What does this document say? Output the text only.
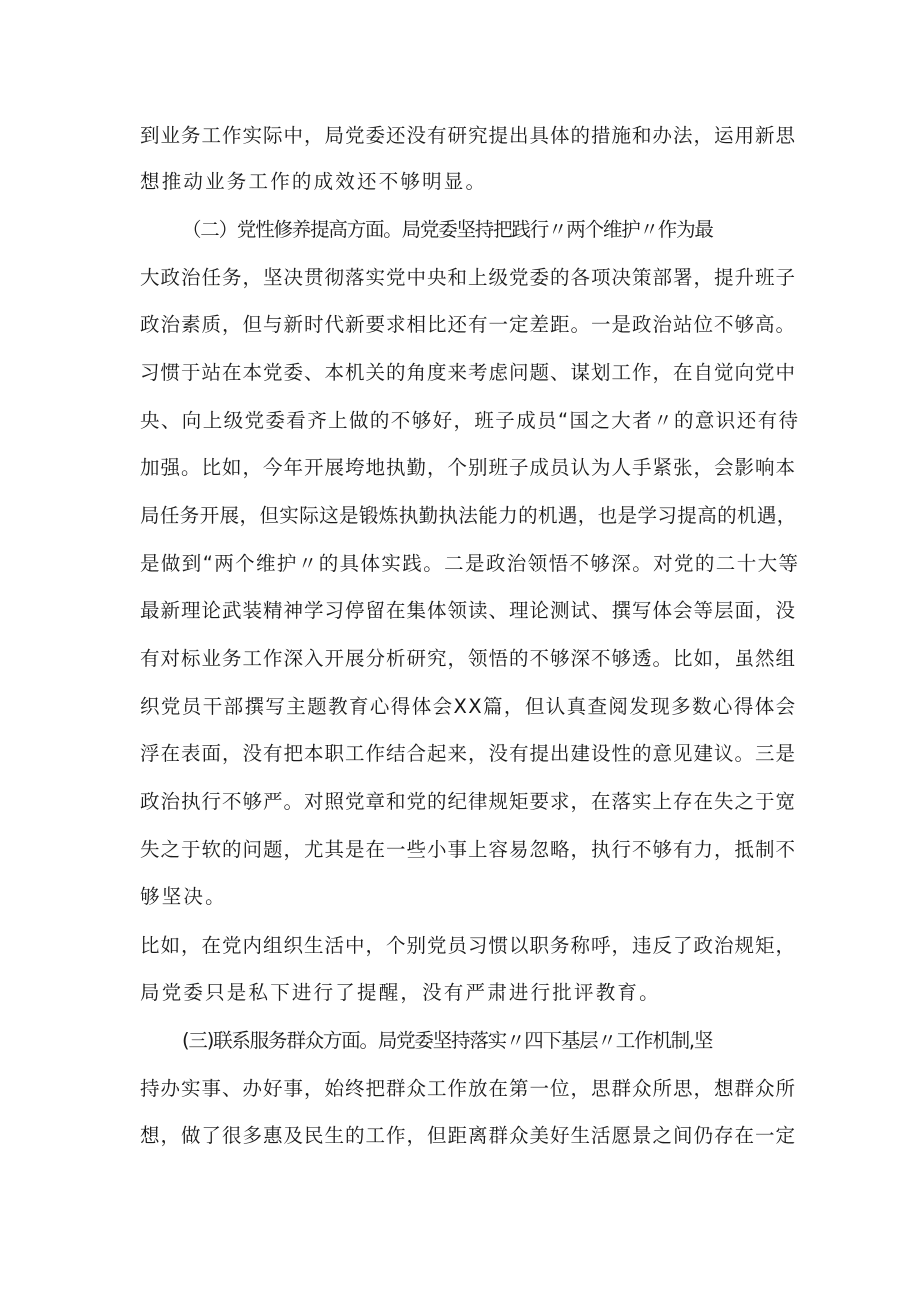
到业务工作实际中，局党委还没有研究提出具体的措施和办法，运用新思
想推动业务工作的成效还不够明显。
（二）党性修养提高方面。局党委坚持把践行〃两个维护〃作为最
大政治任务，坚决贯彻落实党中央和上级党委的各项决策部署，提升班子
政治素质，但与新时代新要求相比还有一定差距。一是政治站位不够高。
习惯于站在本党委、本机关的角度来考虑问题、谋划工作，在自觉向党中
央、向上级党委看齐上做的不够好，班子成员“国之大者〃的意识还有待
加强。比如，今年开展垮地执勤，个别班子成员认为人手紧张，会影响本
局任务开展，但实际这是锻炼执勤执法能力的机遇，也是学习提高的机遇，
是做到“两个维护〃的具体实践。二是政治领悟不够深。对党的二十大等
最新理论武装精神学习停留在集体领读、理论测试、撰写体会等层面，没
有对标业务工作深入开展分析研究，领悟的不够深不够透。比如，虽然组
织党员干部撰写主题教育心得体会XX篇，但认真查阅发现多数心得体会
浮在表面，没有把本职工作结合起来，没有提出建设性的意见建议。三是
政治执行不够严。对照党章和党的纪律规矩要求，在落实上存在失之于宽
失之于软的问题，尤其是在一些小事上容易忽略，执行不够有力，抵制不
够坚决。
比如，在党内组织生活中，个别党员习惯以职务称呼，违反了政治规矩，
局党委只是私下进行了提醒，没有严肃进行批评教育。
(三)联系服务群众方面。局党委坚持落实〃四下基层〃工作机制,坚
持办实事、办好事，始终把群众工作放在第一位，思群众所思，想群众所
想，做了很多惠及民生的工作，但距离群众美好生活愿景之间仍存在一定
